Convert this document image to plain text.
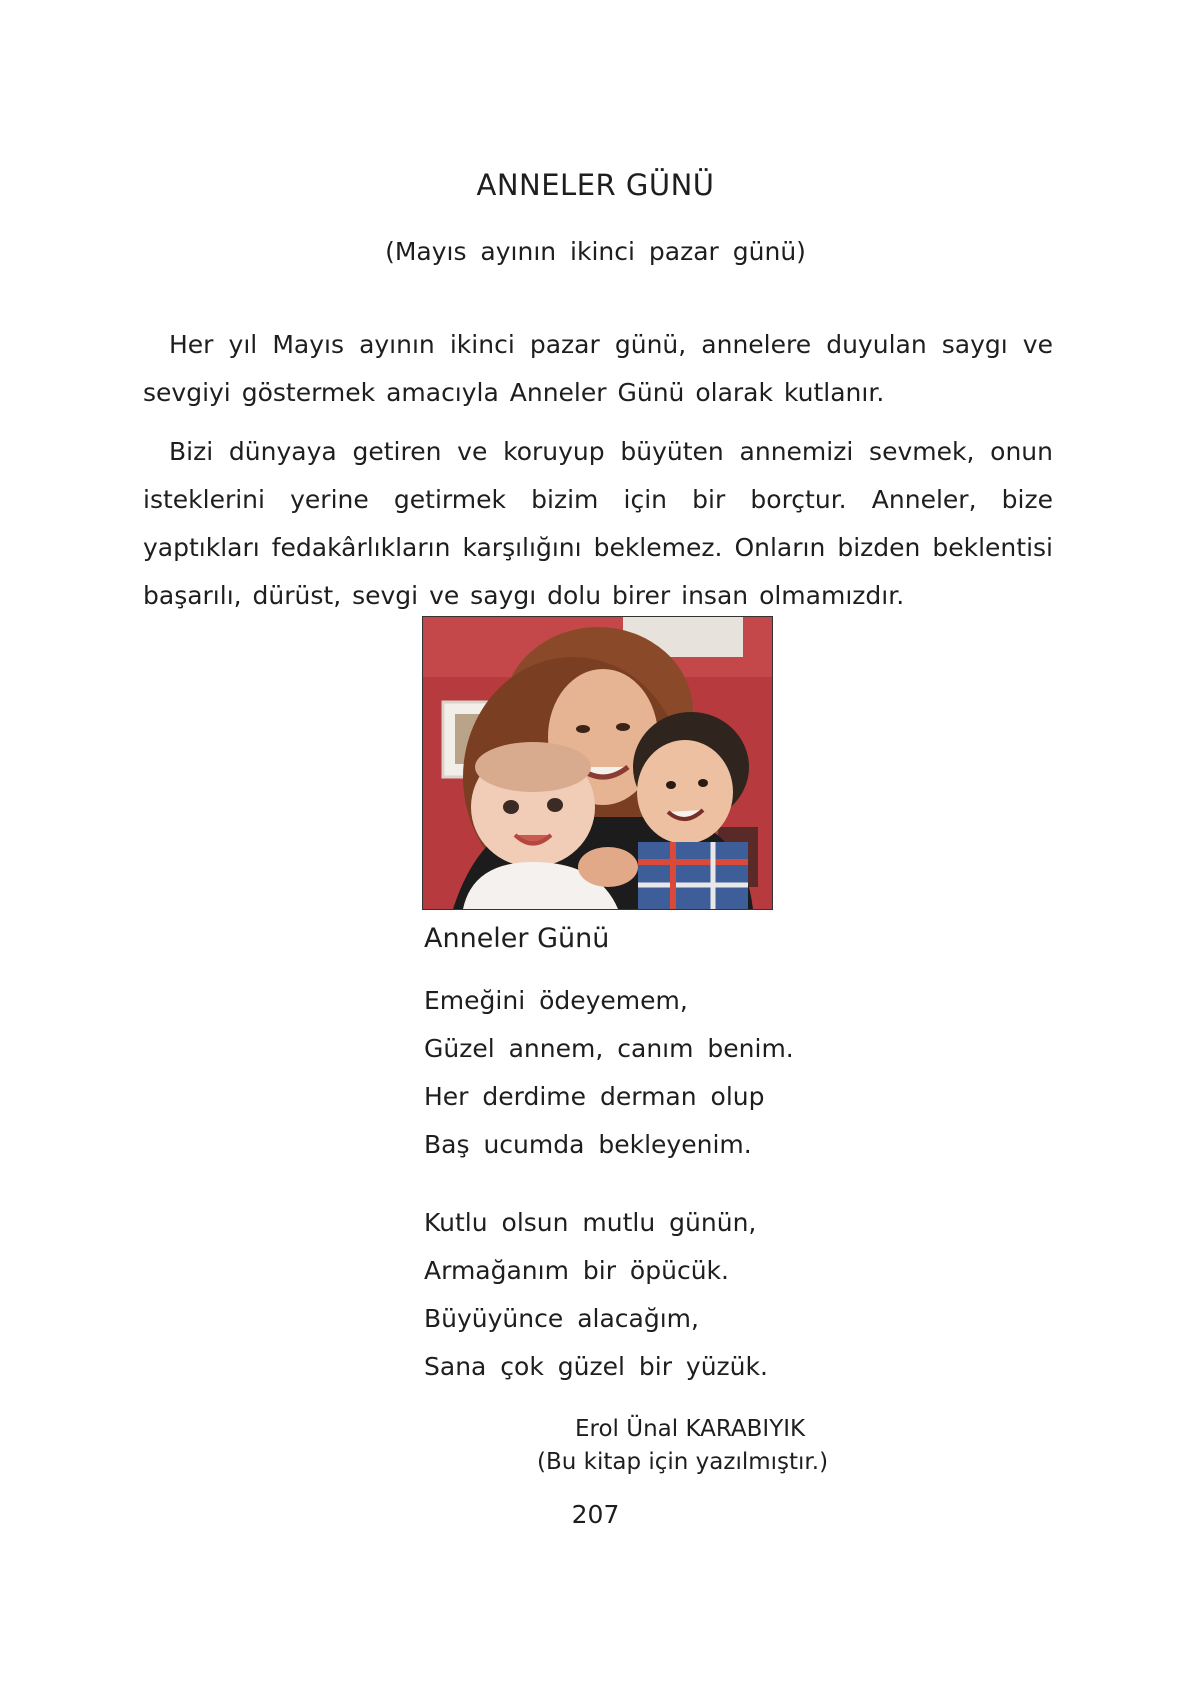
ANNELER GÜNÜ
(Mayıs ayının ikinci pazar günü)

Her yıl Mayıs ayının ikinci pazar günü, annelere duyulan saygı ve sevgiyi göstermek amacıyla Anneler Günü olarak kutlanır.

Bizi dünyaya getiren ve koruyup büyüten annemizi sevmek, onun isteklerini yerine getirmek bizim için bir borçtur. Anneler, bize yaptıkları fedakârlıkların karşılığını beklemez. Onların bizden beklentisi başarılı, dürüst, sevgi ve saygı dolu birer insan olmamızdır.

Anneler Günü
Emeğini ödeyemem,
Güzel annem, canım benim.
Her derdime derman olup
Baş ucumda bekleyenim.
Kutlu olsun mutlu günün,
Armağanım bir öpücük.
Büyüyünce alacağım,
Sana çok güzel bir yüzük.
Erol Ünal KARABIYIK
(Bu kitap için yazılmıştır.)
207
